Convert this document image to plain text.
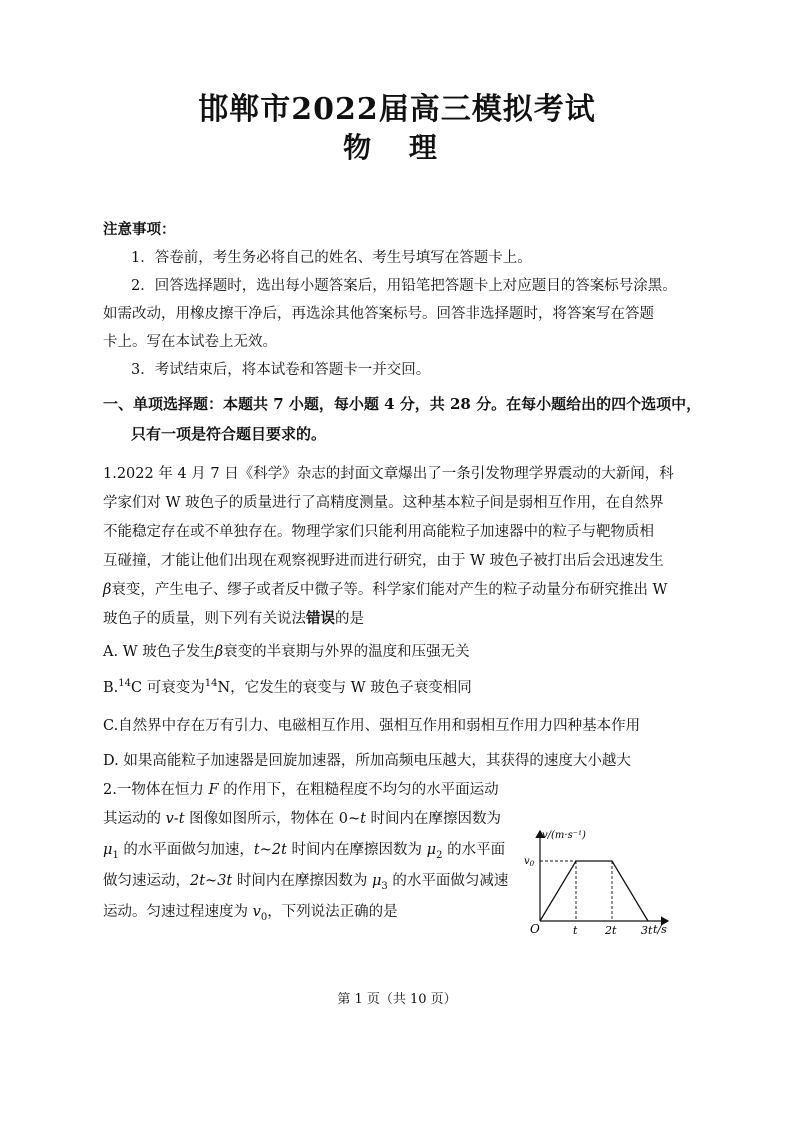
邯郸市2022届高三模拟考试
物 理

注意事项：

1．答卷前，考生务必将自己的姓名、考生号填写在答题卡上。

2．回答选择题时，选出每小题答案后，用铅笔把答题卡上对应题目的答案标号涂黑。

如需改动，用橡皮擦干净后，再选涂其他答案标号。回答非选择题时，将答案写在答题

卡上。写在本试卷上无效。

3．考试结束后，将本试卷和答题卡一并交回。

一、单项选择题：本题共 7 小题，每小题 4 分，共 28 分。在每小题给出的四个选项中，

只有一项是符合题目要求的。

1.2022 年 4 月 7 日《科学》杂志的封面文章爆出了一条引发物理学界震动的大新闻，科

学家们对 W 玻色子的质量进行了高精度测量。这种基本粒子间是弱相互作用，在自然界

不能稳定存在或不单独存在。物理学家们只能利用高能粒子加速器中的粒子与靶物质相

互碰撞，才能让他们出现在观察视野进而进行研究，由于 W 玻色子被打出后会迅速发生

β衰变，产生电子、缪子或者反中微子等。科学家们能对产生的粒子动量分布研究推出 W

玻色子的质量，则下列有关说法错误的是

A. W 玻色子发生β衰变的半衰期与外界的温度和压强无关

B.$^{14}$C 可衰变为$^{14}$N，它发生的衰变与 W 玻色子衰变相同

C.自然界中存在万有引力、电磁相互作用、强相互作用和弱相互作用力四种基本作用

D. 如果高能粒子加速器是回旋加速器，所加高频电压越大，其获得的速度大小越大

2.一物体在恒力 F 的作用下，在粗糙程度不均匀的水平面运动

其运动的 v-t 图像如图所示，物体在 0~t 时间内在摩擦因数为

$\mu_1$ 的水平面做匀加速，t~2t 时间内在摩擦因数为 $\mu_2$ 的水平面

做匀速运动，2t~3t 时间内在摩擦因数为 $\mu_3$ 的水平面做匀减速

运动。匀速过程速度为 $v_0$，下列说法正确的是

v/(m·s⁻¹)
t/s
O
$v_0$
t	2t 3t

第 1 页（共 10 页）
